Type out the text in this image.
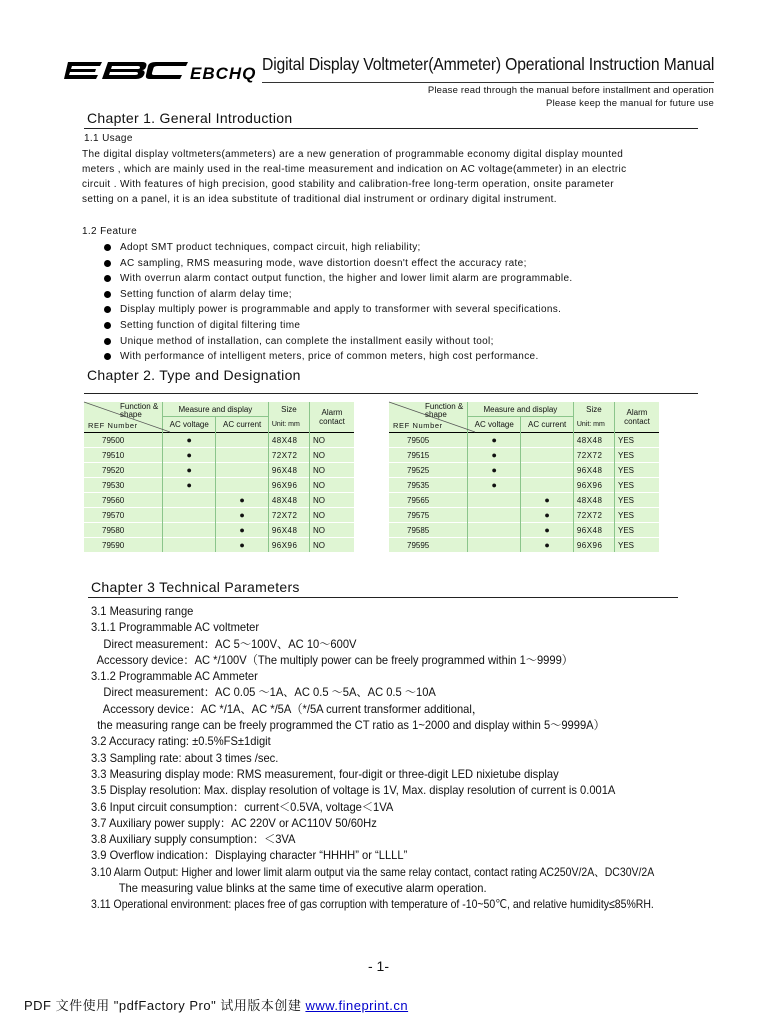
EBCHQ Digital Display Voltmeter(Ammeter) Operational Instruction Manual
Please read through the manual before installment and operation
Please keep the manual for future use
Chapter 1. General Introduction
1.1 Usage
The digital display voltmeters(ammeters) are a new generation of programmable economy digital display mounted
meters , which are mainly used in the real-time measurement and indication on AC voltage(ammeter) in an electric
circuit . With features of high precision, good stability and calibration-free long-term operation, onsite parameter
setting on a panel, it is an idea substitute of traditional dial instrument or ordinary digital instrument.
1.2 Feature
Adopt SMT product techniques, compact circuit, high reliability;
AC sampling, RMS measuring mode, wave distortion doesn't effect the accuracy rate;
With overrun alarm contact output function, the higher and lower limit alarm are programmable.
Setting function of alarm delay time;
Display multiply power is programmable and apply to transformer with several specifications.
Setting function of digital filtering time
Unique method of installation, can complete the installment easily without tool;
With performance of intelligent meters, price of common meters, high cost performance.
Chapter 2. Type and Designation
Function & shape
REF Number	Measure and display		Size	Alarm contact
	AC voltage	AC current	Unit: mm	
79500	●		48X48	NO
79510	●		72X72	NO
79520	●		96X48	NO
79530	●		96X96	NO
79560		●	48X48	NO
79570		●	72X72	NO
79580		●	96X48	NO
79590		●	96X96	NO
Function & shape
REF Number	Measure and display		Size	Alarm contact
	AC voltage	AC current	Unit: mm	
79505	●		48X48	YES
79515	●		72X72	YES
79525	●		96X48	YES
79535	●		96X96	YES
79565		●	48X48	YES
79575		●	72X72	YES
79585		●	96X48	YES
79595		●	96X96	YES
Chapter 3 Technical Parameters
3.1 Measuring range
3.1.1 Programmable AC voltmeter
Direct measurement：AC 5～100V、AC 10～600V
Accessory device：AC */100V（The multiply power can be freely programmed within 1～9999）
3.1.2 Programmable AC Ammeter
Direct measurement：AC 0.05 ～1A、AC 0.5 ～5A、AC 0.5 ～10A
Accessory device：AC */1A、AC */5A（*/5A current transformer additional，
the measuring range can be freely programmed the CT ratio as 1~2000 and display within 5～9999A）
3.2 Accuracy rating: ±0.5%FS±1digit
3.3 Sampling rate: about 3 times /sec.
3.3 Measuring display mode: RMS measurement, four-digit or three-digit LED nixietube display
3.5 Display resolution: Max. display resolution of voltage is 1V, Max. display resolution of current is 0.001A
3.6 Input circuit consumption：current＜0.5VA, voltage＜1VA
3.7 Auxiliary power supply：AC 220V or AC110V 50/60Hz
3.8 Auxiliary supply consumption：＜3VA
3.9 Overflow indication：Displaying character “HHHH” or “LLLL”
3.10 Alarm Output: Higher and lower limit alarm output via the same relay contact, contact rating AC250V/2A、DC30V/2A
The measuring value blinks at the same time of executive alarm operation.
3.11 Operational environment: places free of gas corruption with temperature of -10~50℃, and relative humidity≤85%RH.
- 1-
PDF 文件使用 "pdfFactory Pro" 试用版本创建 www.fineprint.cn
